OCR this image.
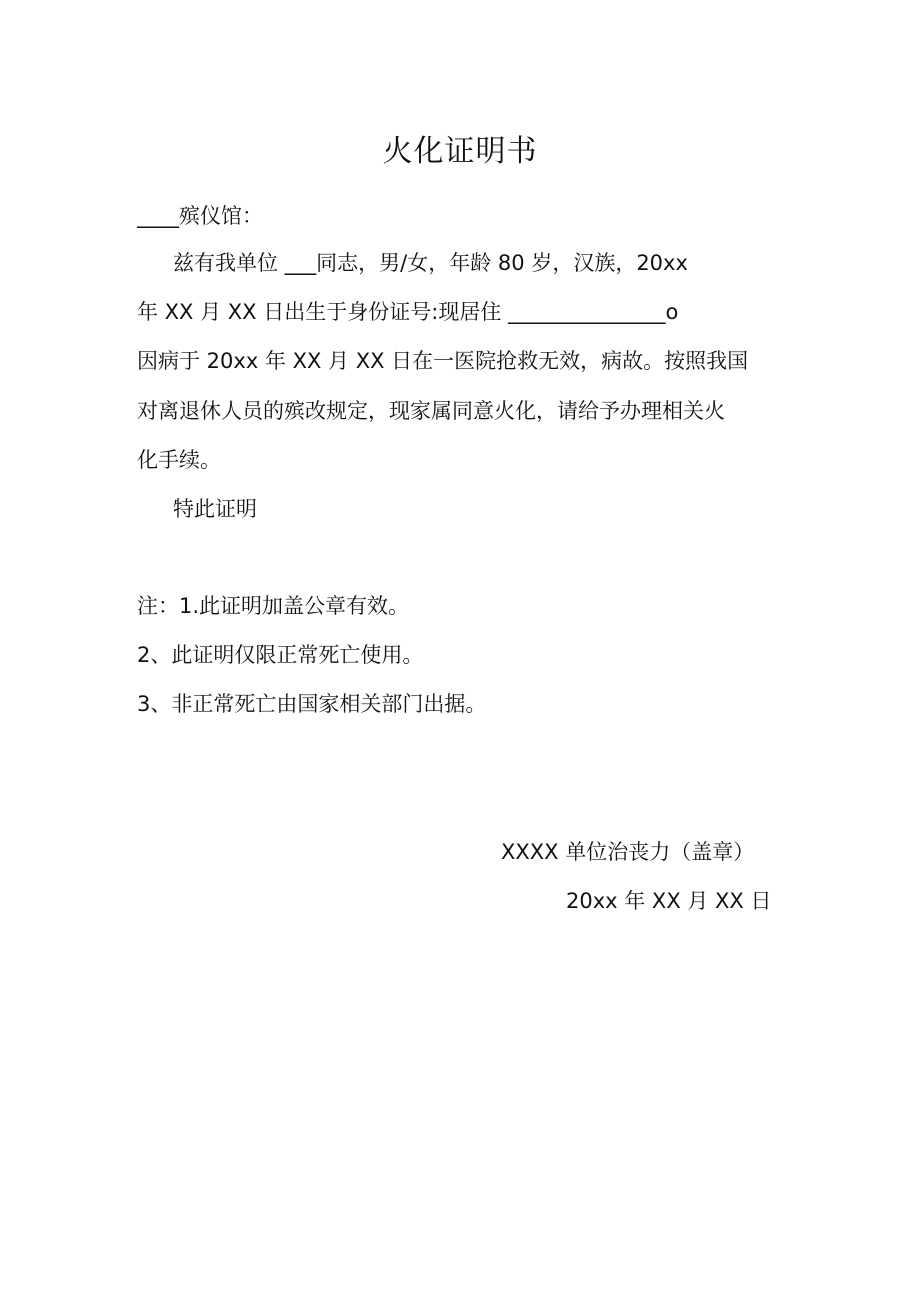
火化证明书
____殡仪馆：
兹有我单位 ___同志，男/女，年龄 80 岁，汉族，20xx
年 XX 月 XX 日出生于身份证号:现居住 _______________o
因病于 20xx 年 XX 月 XX 日在一医院抢救无效，病故。按照我国
对离退休人员的殡改规定，现家属同意火化，请给予办理相关火
化手续。
特此证明
注：1.此证明加盖公章有效。
2、此证明仅限正常死亡使用。
3、非正常死亡由国家相关部门出据。
XXXX 单位治丧力（盖章）
20xx 年 XX 月 XX 日
